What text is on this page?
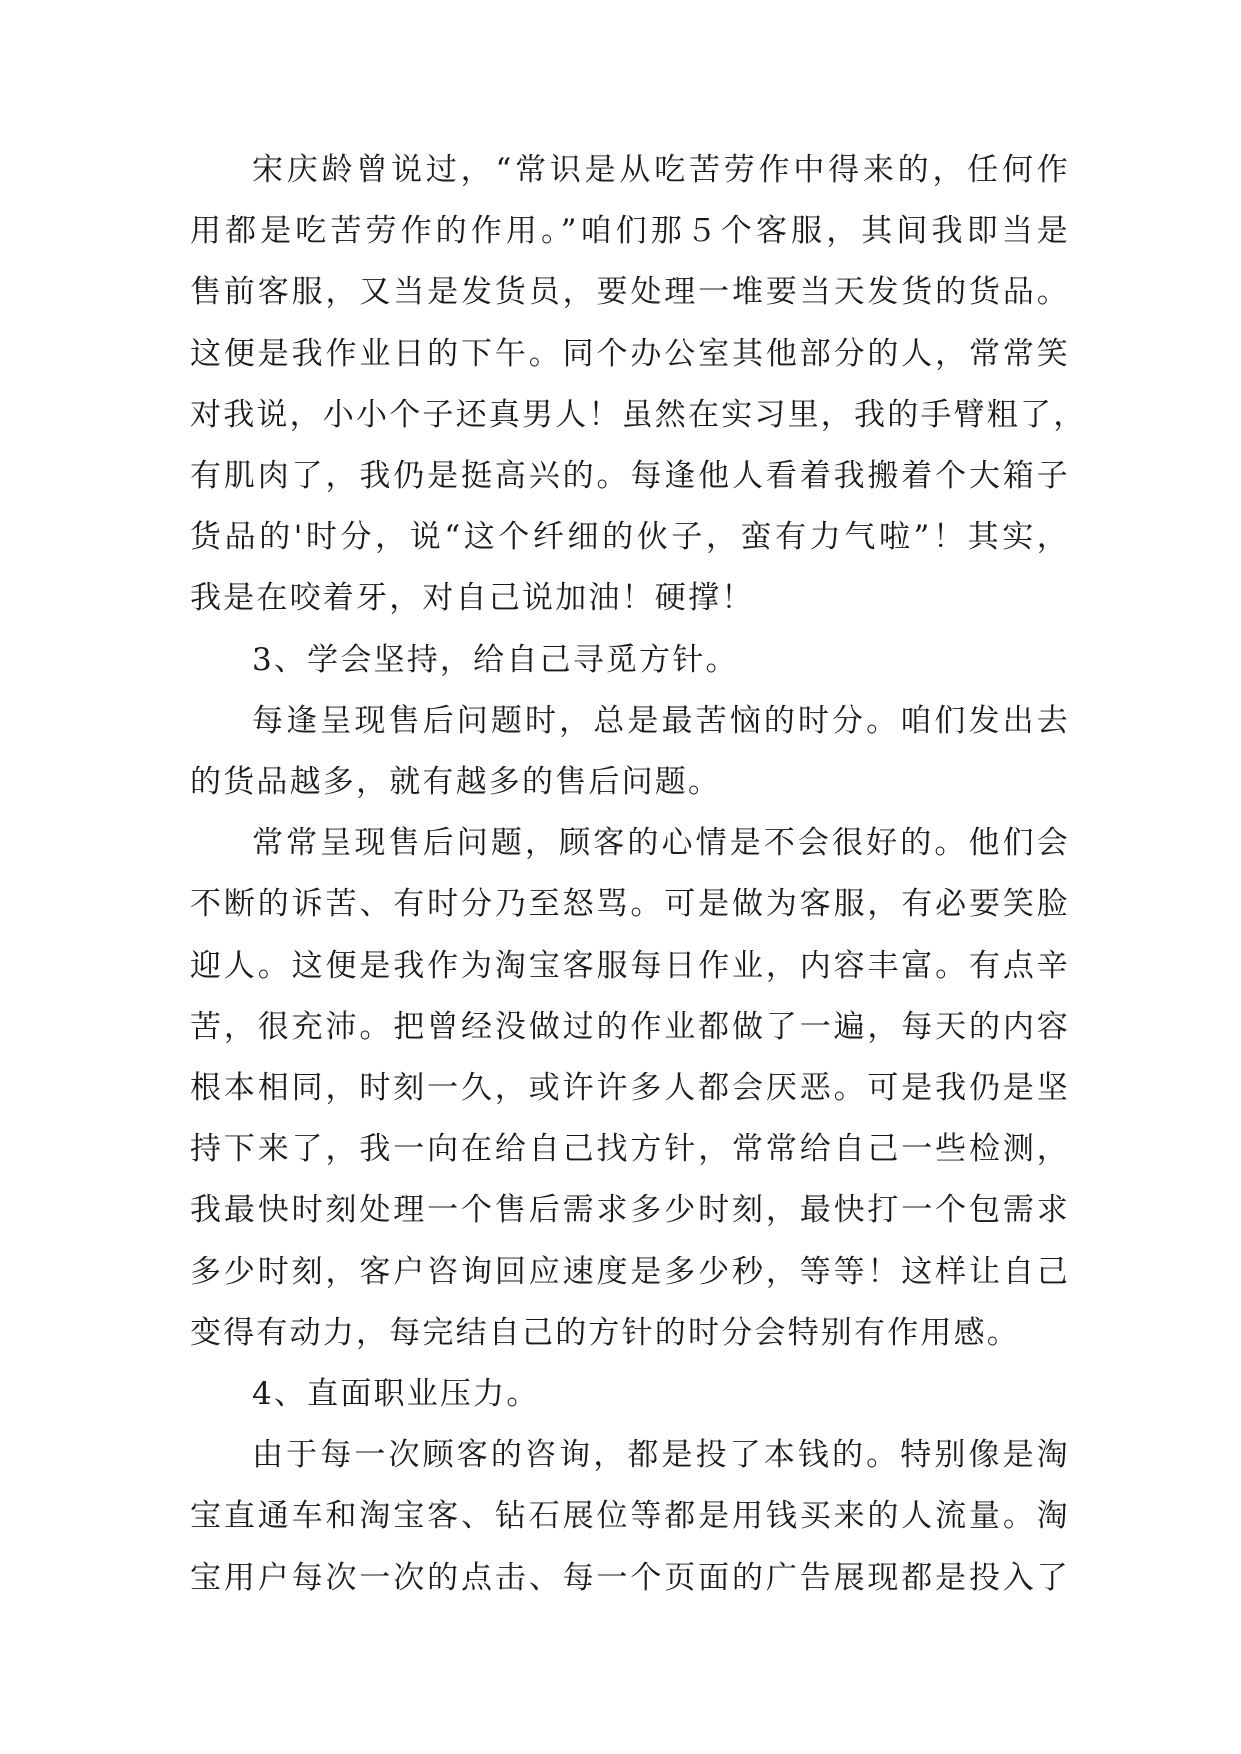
宋庆龄曾说过，“常识是从吃苦劳作中得来的，任何作
用都是吃苦劳作的作用。”咱们那５个客服，其间我即当是
售前客服，又当是发货员，要处理一堆要当天发货的货品。
这便是我作业日的下午。同个办公室其他部分的人，常常笑
对我说，小小个子还真男人！虽然在实习里，我的手臂粗了，
有肌肉了，我仍是挺高兴的。每逢他人看着我搬着个大箱子
货品的'时分，说“这个纤细的伙子，蛮有力气啦”！其实，
我是在咬着牙，对自己说加油！硬撑！
3、学会坚持，给自己寻觅方针。
每逢呈现售后问题时，总是最苦恼的时分。咱们发出去
的货品越多，就有越多的售后问题。
常常呈现售后问题，顾客的心情是不会很好的。他们会
不断的诉苦、有时分乃至怒骂。可是做为客服，有必要笑脸
迎人。这便是我作为淘宝客服每日作业，内容丰富。有点辛
苦，很充沛。把曾经没做过的作业都做了一遍，每天的内容
根本相同，时刻一久，或许许多人都会厌恶。可是我仍是坚
持下来了，我一向在给自己找方针，常常给自己一些检测，
我最快时刻处理一个售后需求多少时刻，最快打一个包需求
多少时刻，客户咨询回应速度是多少秒，等等！这样让自己
变得有动力，每完结自己的方针的时分会特别有作用感。
4、直面职业压力。
由于每一次顾客的咨询，都是投了本钱的。特别像是淘
宝直通车和淘宝客、钻石展位等都是用钱买来的人流量。淘
宝用户每次一次的点击、每一个页面的广告展现都是投入了
